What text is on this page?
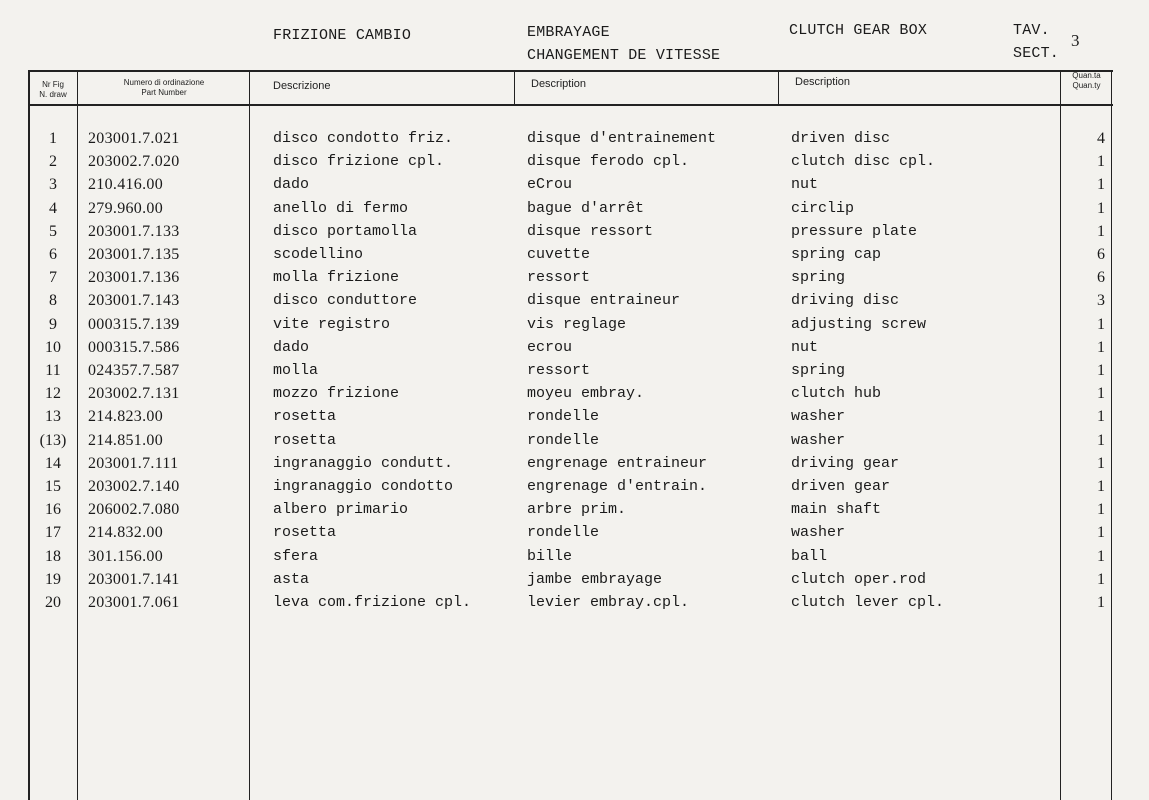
FRIZIONE CAMBIO	EMBRAYAGE
CHANGEMENT DE VITESSE
CLUTCH GEAR BOX	TAV.
SECT.
3
Nr Fig
N. draw
Numero di ordinazione
Part Number
Descrizione	Description	Description
Quan.ta
Quan.ty
1	203001.7.021	disco condotto friz.	disque d'entrainement	driven disc	4
2	203002.7.020	disco frizione cpl.	disque ferodo cpl.	clutch disc cpl.	1
3	210.416.00	dado	eCrou	nut	1
4	279.960.00	anello di fermo	bague d'arrêt	circlip	1
5	203001.7.133	disco portamolla	disque ressort	pressure plate	1
6	203001.7.135	scodellino	cuvette	spring cap	6
7	203001.7.136	molla frizione	ressort	spring	6
8	203001.7.143	disco conduttore	disque entraineur	driving disc	3
9	000315.7.139	vite registro	vis reglage	adjusting screw	1
10	000315.7.586	dado	ecrou	nut	1
11	024357.7.587	molla	ressort	spring	1
12	203002.7.131	mozzo frizione	moyeu embray.	clutch hub	1
13	214.823.00	rosetta	rondelle	washer	1
(13)	214.851.00	rosetta	rondelle	washer	1
14	203001.7.111	ingranaggio condutt.	engrenage entraineur	driving gear	1
15	203002.7.140	ingranaggio condotto	engrenage d'entrain.	driven gear	1
16	206002.7.080	albero primario	arbre prim.	main shaft	1
17	214.832.00	rosetta	rondelle	washer	1
18	301.156.00	sfera	bille	ball	1
19	203001.7.141	asta	jambe embrayage	clutch oper.rod	1
20	203001.7.061	leva com.frizione cpl.	levier embray.cpl.	clutch lever cpl.	1
